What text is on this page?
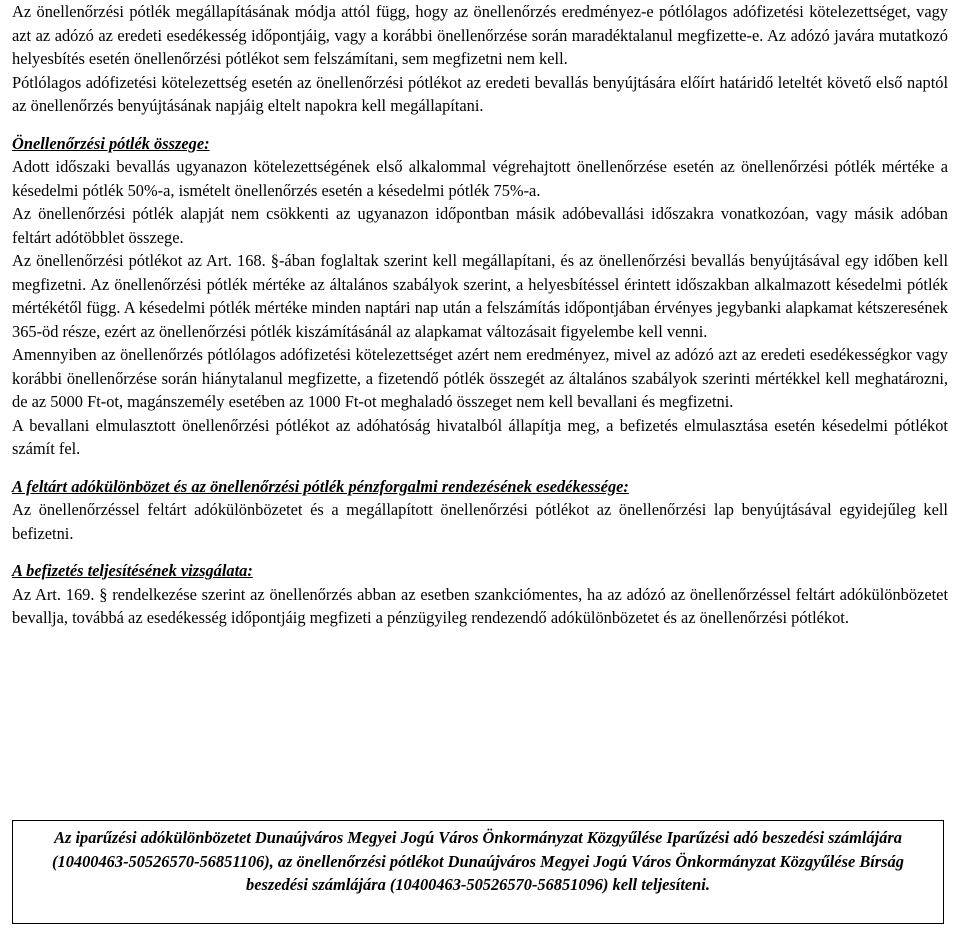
Az önellenőrzési pótlék megállapításának módja attól függ, hogy az önellenőrzés eredményez-e pótlólagos adófizetési kötelezettséget, vagy azt az adózó az eredeti esedékesség időpontjáig, vagy a korábbi önellenőrzése során maradéktalanul megfizette-e. Az adózó javára mutatkozó helyesbítés esetén önellenőrzési pótlékot sem felszámítani, sem megfizetni nem kell.

Pótlólagos adófizetési kötelezettség esetén az önellenőrzési pótlékot az eredeti bevallás benyújtására előírt határidő leteltét követő első naptól az önellenőrzés benyújtásának napjáig eltelt napokra kell megállapítani.

Önellenőrzési pótlék összege:

Adott időszaki bevallás ugyanazon kötelezettségének első alkalommal végrehajtott önellenőrzése esetén az önellenőrzési pótlék mértéke a késedelmi pótlék 50%-a, ismételt önellenőrzés esetén a késedelmi pótlék 75%-a.

Az önellenőrzési pótlék alapját nem csökkenti az ugyanazon időpontban másik adóbevallási időszakra vonatkozóan, vagy másik adóban feltárt adótöbblet összege.

Az önellenőrzési pótlékot az Art. 168. §-ában foglaltak szerint kell megállapítani, és az önellenőrzési bevallás benyújtásával egy időben kell megfizetni. Az önellenőrzési pótlék mértéke az általános szabályok szerint, a helyesbítéssel érintett időszakban alkalmazott késedelmi pótlék mértékétől függ. A késedelmi pótlék mértéke minden naptári nap után a felszámítás időpontjában érvényes jegybanki alapkamat kétszeresének 365-öd része, ezért az önellenőrzési pótlék kiszámításánál az alapkamat változásait figyelembe kell venni.

Amennyiben az önellenőrzés pótlólagos adófizetési kötelezettséget azért nem eredményez, mivel az adózó azt az eredeti esedékességkor vagy korábbi önellenőrzése során hiánytalanul megfizette, a fizetendő pótlék összegét az általános szabályok szerinti mértékkel kell meghatározni, de az 5000 Ft-ot, magánszemély esetében az 1000 Ft-ot meghaladó összeget nem kell bevallani és megfizetni.

A bevallani elmulasztott önellenőrzési pótlékot az adóhatóság hivatalból állapítja meg, a befizetés elmulasztása esetén késedelmi pótlékot számít fel.

A feltárt adókülönbözet és az önellenőrzési pótlék pénzforgalmi rendezésének esedékessége:

Az önellenőrzéssel feltárt adókülönbözetet és a megállapított önellenőrzési pótlékot az önellenőrzési lap benyújtásával egyidejűleg kell befizetni.

A befizetés teljesítésének vizsgálata:

Az Art. 169. § rendelkezése szerint az önellenőrzés abban az esetben szankciómentes, ha az adózó az önellenőrzéssel feltárt adókülönbözetet bevallja, továbbá az esedékesség időpontjáig megfizeti a pénzügyileg rendezendő adókülönbözetet és az önellenőrzési pótlékot.

Az iparűzési adókülönbözetet Dunaújváros Megyei Jogú Város Önkormányzat Közgyűlése Iparűzési adó beszedési számlájára (10400463-50526570-56851106), az önellenőrzési pótlékot Dunaújváros Megyei Jogú Város Önkormányzat Közgyűlése Bírság beszedési számlájára (10400463-50526570-56851096) kell teljesíteni.
